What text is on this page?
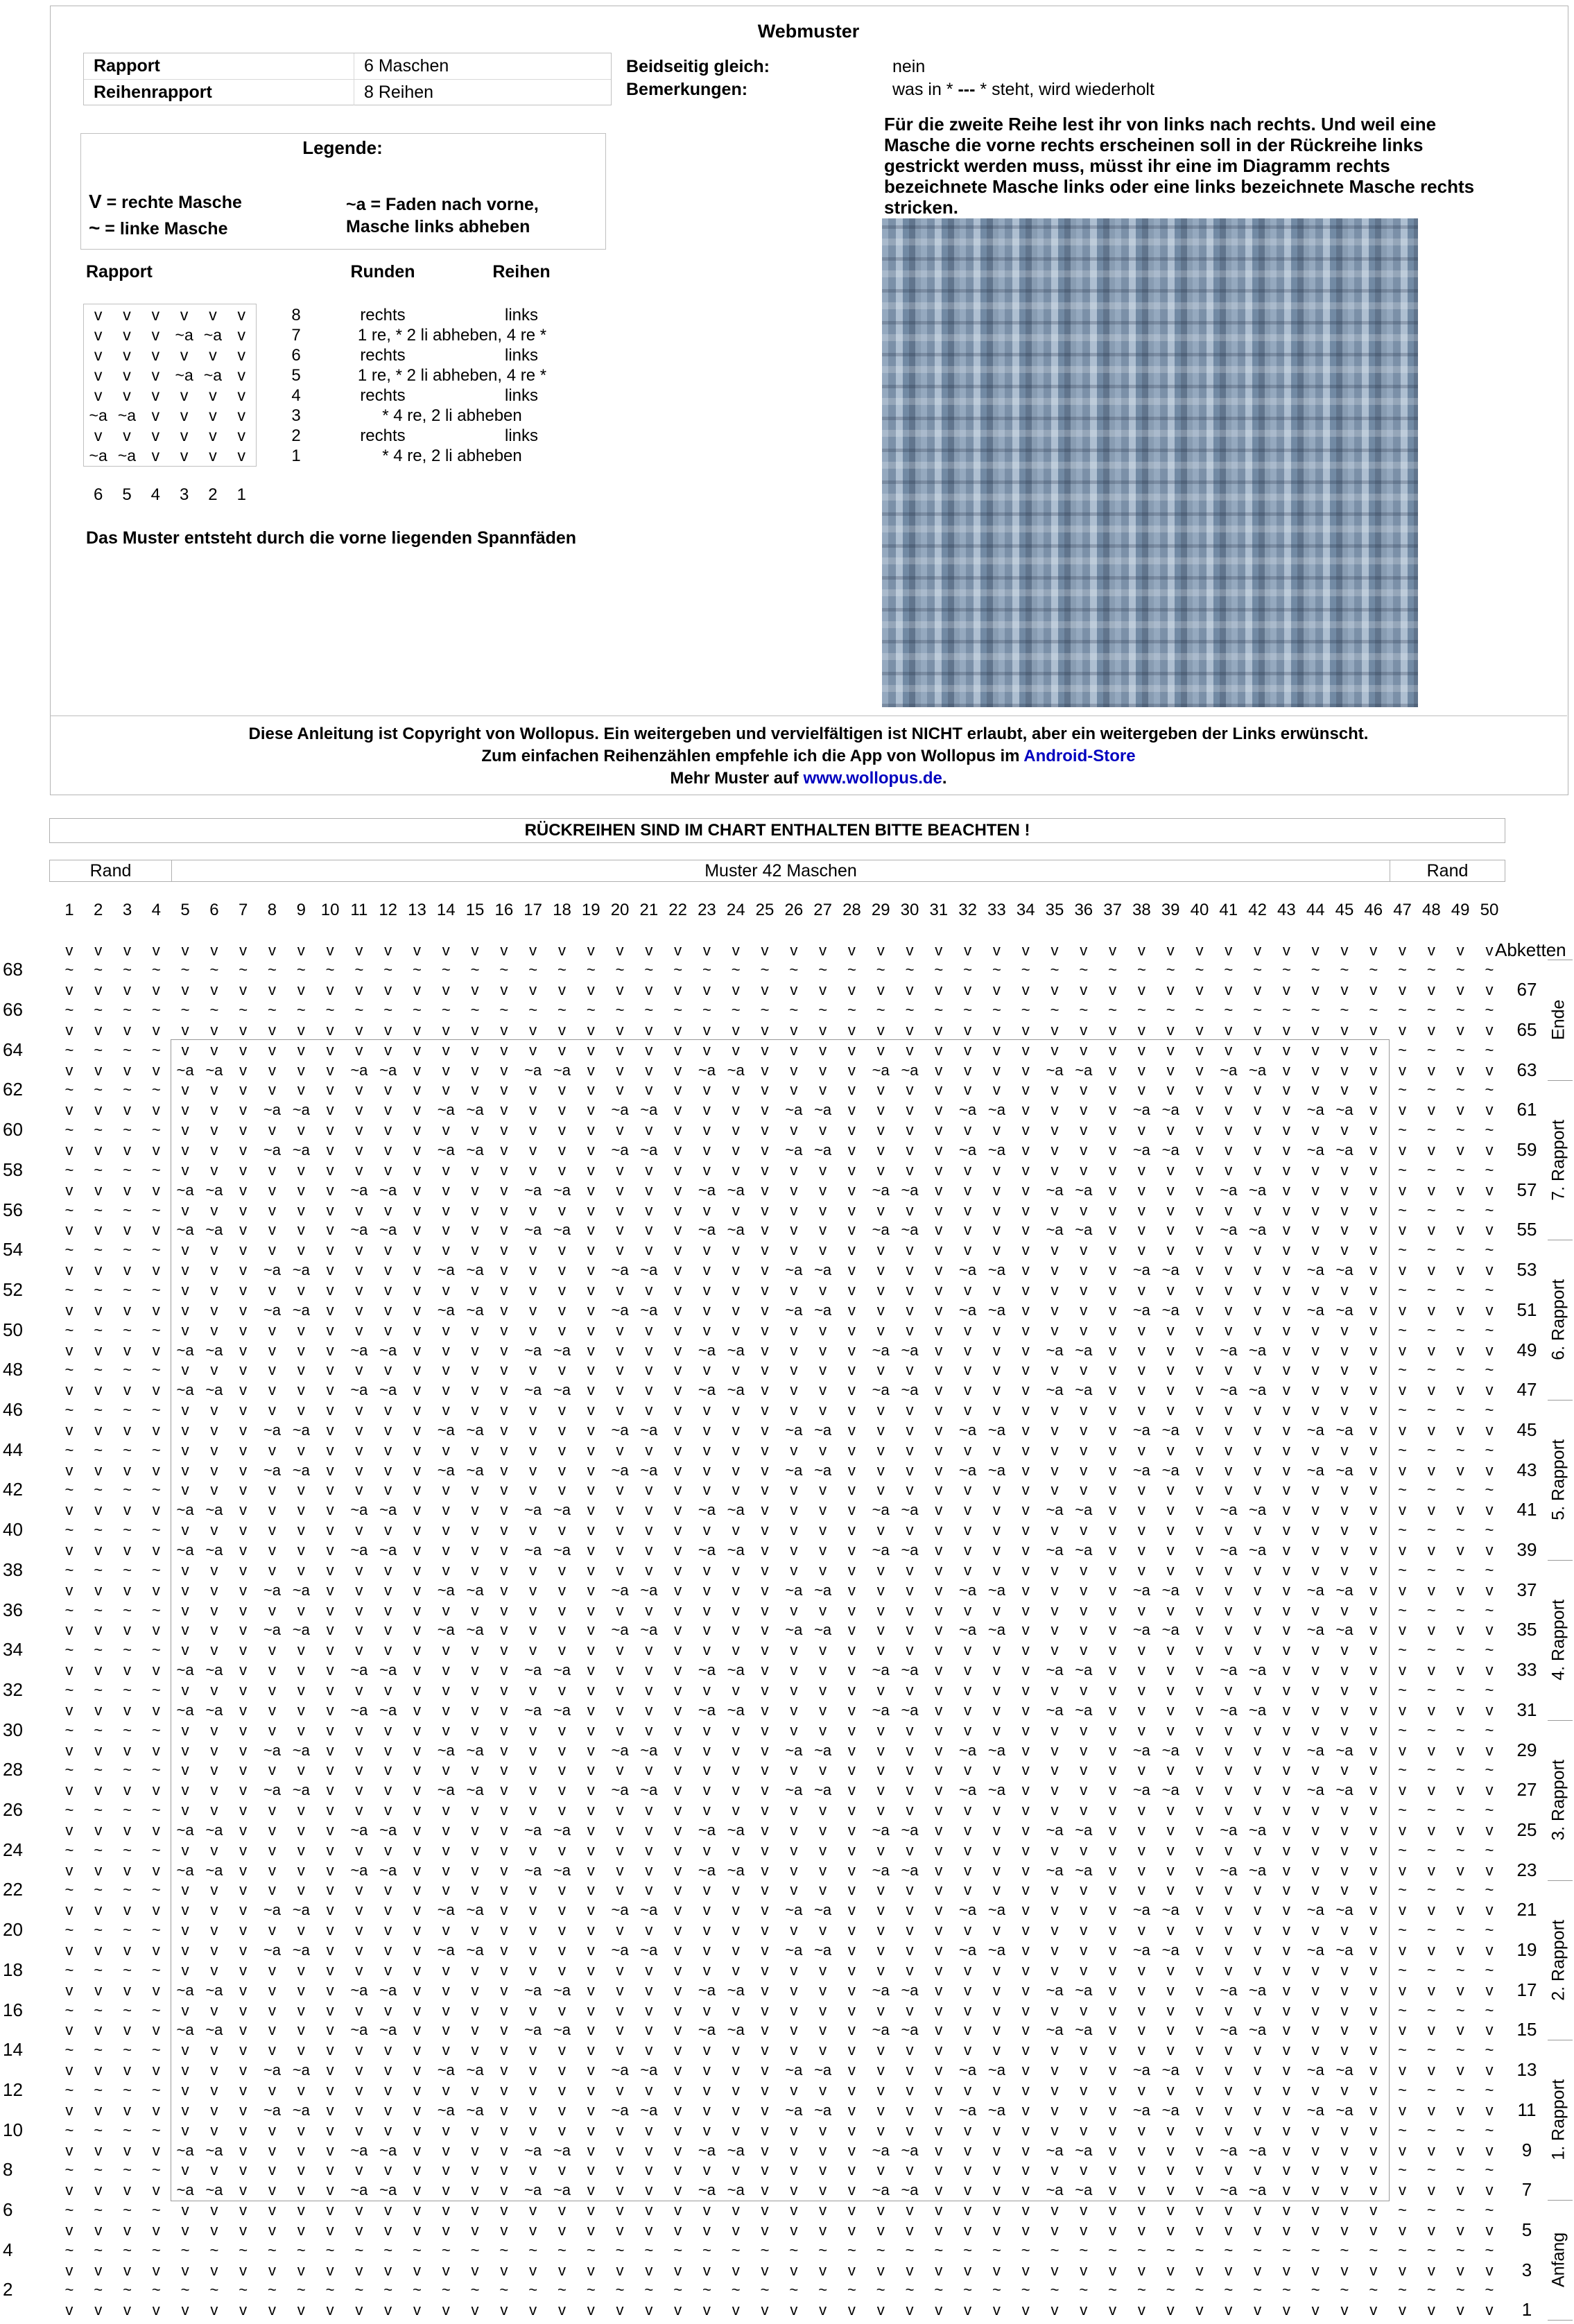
Webmuster
Rapport	6 Maschen
Reihenrapport	8 Reihen
Beidseitig gleich:	nein
Bemerkungen:	was in * --- * steht, wird wiederholt
Legende:
V = rechte Masche
~ = linke Masche
~a = Faden nach vorne,
Masche links abheben
Für die zweite Reihe lest ihr von links nach rechts. Und weil eine Masche die vorne rechts erscheinen soll in der Rückreihe links gestrickt werden muss, müsst ihr eine im Diagramm rechts bezeichnete Masche links oder eine links bezeichnete Masche rechts stricken.
Rapport	Runden	Reihen
v	v	v	v	v	v	8	rechts	links
v	v	v ~a ~a v	7	1 re, * 2 li abheben, 4 re *
v	v	v	v	v	v	6	rechts	links
v	v	v ~a ~a v	5	1 re, * 2 li abheben, 4 re *
v	v	v	v	v	v	4	rechts	links
~a ~a v	v	v	v	3	* 4 re, 2 li abheben
v	v	v	v	v	v	2	rechts	links
~a ~a v	v	v	v	1	* 4 re, 2 li abheben
6	5	4	3	2	1
Das Muster entsteht durch die vorne liegenden Spannfäden
Diese Anleitung ist Copyright von Wollopus. Ein weitergeben und vervielfältigen ist NICHT erlaubt, aber ein weitergeben der Links erwünscht.
Zum einfachen Reihenzählen empfehle ich die App von Wollopus im Android-Store
Mehr Muster auf www.wollopus.de.
RÜCKREIHEN SIND IM CHART ENTHALTEN BITTE BEACHTEN !
Rand	Muster 42 Maschen	Rand
1	2	3	4	5	6	7	8	9 10 11 12 13 14 15 16 17 18 19 20 21 22 23 24 25 26 27 28 29 30 31 32 33 34 35 36 37 38 39 40 41 42 43 44 45 46 47 48 49 50
v	v	v	v	v	v	v	v	v	v	v	v	v	v	v	v	v	v	v	v	v	v	v	v	v	v	v	v	v	v	v	v	v	v	v	v	v	v	v	v	v	v	v	v	v	v	v	v	v	v Abketten
~	~	~	~	~	~	~	~	~	~	~	~	~	~	~	~	~	~	~	~	~	~	~	~	~	~	~	~	~	~	~	~	~	~	~	~	~	~	~	~	~	~	~	~	~	~	~	~	~	~
68
v	v	v	v	v	v	v	v	v	v	v	v	v	v	v	v	v	v	v	v	v	v	v	v	v	v	v	v	v	v	v	v	v	v	v	v	v	v	v	v	v	v	v	v	v	v	v	v	v	v	67
~	~	~	~	~	~	~	~	~	~	~	~	~	~	~	~	~	~	~	~	~	~	~	~	~	~	~	~	~	~	~	~	~	~	~	~	~	~	~	~	~	~	~	~	~	~	~	~	~	~
66
v	v	v	v	v	v	v	v	v	v	v	v	v	v	v	v	v	v	v	v	v	v	v	v	v	v	v	v	v	v	v	v	v	v	v	v	v	v	v	v	v	v	v	v	v	v	v	v	v	v	65
~	~	~	~	v	v	v	v	v	v	v	v	v	v	v	v	v	v	v	v	v	v	v	v	v	v	v	v	v	v	v	v	v	v	v	v	v	v	v	v	v	v	v	v	v	v	~	~	~	~
64
v	v	v	v	~a ~a	v	v	v	v	~a ~a	v	v	v	v	~a ~a	v	v	v	v	~a ~a	v	v	v	v	~a ~a	v	v	v	v	~a ~a	v	v	v	v	~a ~a	v	v	v	v	v	v	v	v	63
~	~	~	~	v	v	v	v	v	v	v	v	v	v	v	v	v	v	v	v	v	v	v	v	v	v	v	v	v	v	v	v	v	v	v	v	v	v	v	v	v	v	v	v	v	v	~	~	~	~
62
v	v	v	v	v	v	v	~a ~a	v	v	v	v	~a ~a	v	v	v	v	~a ~a	v	v	v	v	~a ~a	v	v	v	v	~a ~a	v	v	v	v	~a ~a	v	v	v	v	~a ~a	v	v	v	v	v	61
~	~	~	~	v	v	v	v	v	v	v	v	v	v	v	v	v	v	v	v	v	v	v	v	v	v	v	v	v	v	v	v	v	v	v	v	v	v	v	v	v	v	v	v	v	v	~	~	~	~
60
v	v	v	v	v	v	v	~a ~a	v	v	v	v	~a ~a	v	v	v	v	~a ~a	v	v	v	v	~a ~a	v	v	v	v	~a ~a	v	v	v	v	~a ~a	v	v	v	v	~a ~a	v	v	v	v	v	59
~	~	~	~	v	v	v	v	v	v	v	v	v	v	v	v	v	v	v	v	v	v	v	v	v	v	v	v	v	v	v	v	v	v	v	v	v	v	v	v	v	v	v	v	v	v	~	~	~	~
58
v	v	v	v	~a ~a	v	v	v	v	~a ~a	v	v	v	v	~a ~a	v	v	v	v	~a ~a	v	v	v	v	~a ~a	v	v	v	v	~a ~a	v	v	v	v	~a ~a	v	v	v	v	v	v	v	v	57
~	~	~	~	v	v	v	v	v	v	v	v	v	v	v	v	v	v	v	v	v	v	v	v	v	v	v	v	v	v	v	v	v	v	v	v	v	v	v	v	v	v	v	v	v	v	~	~	~	~
56
v	v	v	v	~a ~a	v	v	v	v	~a ~a	v	v	v	v	~a ~a	v	v	v	v	~a ~a	v	v	v	v	~a ~a	v	v	v	v	~a ~a	v	v	v	v	~a ~a	v	v	v	v	v	v	v	v	55
~	~	~	~	v	v	v	v	v	v	v	v	v	v	v	v	v	v	v	v	v	v	v	v	v	v	v	v	v	v	v	v	v	v	v	v	v	v	v	v	v	v	v	v	v	v	~	~	~	~
54
v	v	v	v	v	v	v	~a ~a	v	v	v	v	~a ~a	v	v	v	v	~a ~a	v	v	v	v	~a ~a	v	v	v	v	~a ~a	v	v	v	v	~a ~a	v	v	v	v	~a ~a	v	v	v	v	v	53
~	~	~	~	v	v	v	v	v	v	v	v	v	v	v	v	v	v	v	v	v	v	v	v	v	v	v	v	v	v	v	v	v	v	v	v	v	v	v	v	v	v	v	v	v	v	~	~	~	~
52
v	v	v	v	v	v	v	~a ~a	v	v	v	v	~a ~a	v	v	v	v	~a ~a	v	v	v	v	~a ~a	v	v	v	v	~a ~a	v	v	v	v	~a ~a	v	v	v	v	~a ~a	v	v	v	v	v	51
~	~	~	~	v	v	v	v	v	v	v	v	v	v	v	v	v	v	v	v	v	v	v	v	v	v	v	v	v	v	v	v	v	v	v	v	v	v	v	v	v	v	v	v	v	v	~	~	~	~
50
v	v	v	v	~a ~a	v	v	v	v	~a ~a	v	v	v	v	~a ~a	v	v	v	v	~a ~a	v	v	v	v	~a ~a	v	v	v	v	~a ~a	v	v	v	v	~a ~a	v	v	v	v	v	v	v	v	49
~	~	~	~	v	v	v	v	v	v	v	v	v	v	v	v	v	v	v	v	v	v	v	v	v	v	v	v	v	v	v	v	v	v	v	v	v	v	v	v	v	v	v	v	v	v	~	~	~	~
48
v	v	v	v	~a ~a	v	v	v	v	~a ~a	v	v	v	v	~a ~a	v	v	v	v	~a ~a	v	v	v	v	~a ~a	v	v	v	v	~a ~a	v	v	v	v	~a ~a	v	v	v	v	v	v	v	v	47
~	~	~	~	v	v	v	v	v	v	v	v	v	v	v	v	v	v	v	v	v	v	v	v	v	v	v	v	v	v	v	v	v	v	v	v	v	v	v	v	v	v	v	v	v	v	~	~	~	~
46
v	v	v	v	v	v	v	~a ~a	v	v	v	v	~a ~a	v	v	v	v	~a ~a	v	v	v	v	~a ~a	v	v	v	v	~a ~a	v	v	v	v	~a ~a	v	v	v	v	~a ~a	v	v	v	v	v	45
~	~	~	~	v	v	v	v	v	v	v	v	v	v	v	v	v	v	v	v	v	v	v	v	v	v	v	v	v	v	v	v	v	v	v	v	v	v	v	v	v	v	v	v	v	v	~	~	~	~
44
v	v	v	v	v	v	v	~a ~a	v	v	v	v	~a ~a	v	v	v	v	~a ~a	v	v	v	v	~a ~a	v	v	v	v	~a ~a	v	v	v	v	~a ~a	v	v	v	v	~a ~a	v	v	v	v	v	43
~	~	~	~	v	v	v	v	v	v	v	v	v	v	v	v	v	v	v	v	v	v	v	v	v	v	v	v	v	v	v	v	v	v	v	v	v	v	v	v	v	v	v	v	v	v	~	~	~	~
42
v	v	v	v	~a ~a	v	v	v	v	~a ~a	v	v	v	v	~a ~a	v	v	v	v	~a ~a	v	v	v	v	~a ~a	v	v	v	v	~a ~a	v	v	v	v	~a ~a	v	v	v	v	v	v	v	v	41
~	~	~	~	v	v	v	v	v	v	v	v	v	v	v	v	v	v	v	v	v	v	v	v	v	v	v	v	v	v	v	v	v	v	v	v	v	v	v	v	v	v	v	v	v	v	~	~	~	~
40
v	v	v	v	~a ~a	v	v	v	v	~a ~a	v	v	v	v	~a ~a	v	v	v	v	~a ~a	v	v	v	v	~a ~a	v	v	v	v	~a ~a	v	v	v	v	~a ~a	v	v	v	v	v	v	v	v	39
~	~	~	~	v	v	v	v	v	v	v	v	v	v	v	v	v	v	v	v	v	v	v	v	v	v	v	v	v	v	v	v	v	v	v	v	v	v	v	v	v	v	v	v	v	v	~	~	~	~
38
v	v	v	v	v	v	v	~a ~a	v	v	v	v	~a ~a	v	v	v	v	~a ~a	v	v	v	v	~a ~a	v	v	v	v	~a ~a	v	v	v	v	~a ~a	v	v	v	v	~a ~a	v	v	v	v	v	37
~	~	~	~	v	v	v	v	v	v	v	v	v	v	v	v	v	v	v	v	v	v	v	v	v	v	v	v	v	v	v	v	v	v	v	v	v	v	v	v	v	v	v	v	v	v	~	~	~	~
36
v	v	v	v	v	v	v	~a ~a	v	v	v	v	~a ~a	v	v	v	v	~a ~a	v	v	v	v	~a ~a	v	v	v	v	~a ~a	v	v	v	v	~a ~a	v	v	v	v	~a ~a	v	v	v	v	v	35
~	~	~	~	v	v	v	v	v	v	v	v	v	v	v	v	v	v	v	v	v	v	v	v	v	v	v	v	v	v	v	v	v	v	v	v	v	v	v	v	v	v	v	v	v	v	~	~	~	~
34
v	v	v	v	~a ~a	v	v	v	v	~a ~a	v	v	v	v	~a ~a	v	v	v	v	~a ~a	v	v	v	v	~a ~a	v	v	v	v	~a ~a	v	v	v	v	~a ~a	v	v	v	v	v	v	v	v	33
~	~	~	~	v	v	v	v	v	v	v	v	v	v	v	v	v	v	v	v	v	v	v	v	v	v	v	v	v	v	v	v	v	v	v	v	v	v	v	v	v	v	v	v	v	v	~	~	~	~
32
v	v	v	v	~a ~a	v	v	v	v	~a ~a	v	v	v	v	~a ~a	v	v	v	v	~a ~a	v	v	v	v	~a ~a	v	v	v	v	~a ~a	v	v	v	v	~a ~a	v	v	v	v	v	v	v	v	31
~	~	~	~	v	v	v	v	v	v	v	v	v	v	v	v	v	v	v	v	v	v	v	v	v	v	v	v	v	v	v	v	v	v	v	v	v	v	v	v	v	v	v	v	v	v	~	~	~	~
30
v	v	v	v	v	v	v	~a ~a	v	v	v	v	~a ~a	v	v	v	v	~a ~a	v	v	v	v	~a ~a	v	v	v	v	~a ~a	v	v	v	v	~a ~a	v	v	v	v	~a ~a	v	v	v	v	v	29
~	~	~	~	v	v	v	v	v	v	v	v	v	v	v	v	v	v	v	v	v	v	v	v	v	v	v	v	v	v	v	v	v	v	v	v	v	v	v	v	v	v	v	v	v	v	~	~	~	~
28
v	v	v	v	v	v	v	~a ~a	v	v	v	v	~a ~a	v	v	v	v	~a ~a	v	v	v	v	~a ~a	v	v	v	v	~a ~a	v	v	v	v	~a ~a	v	v	v	v	~a ~a	v	v	v	v	v	27
~	~	~	~	v	v	v	v	v	v	v	v	v	v	v	v	v	v	v	v	v	v	v	v	v	v	v	v	v	v	v	v	v	v	v	v	v	v	v	v	v	v	v	v	v	v	~	~	~	~
26
v	v	v	v	~a ~a	v	v	v	v	~a ~a	v	v	v	v	~a ~a	v	v	v	v	~a ~a	v	v	v	v	~a ~a	v	v	v	v	~a ~a	v	v	v	v	~a ~a	v	v	v	v	v	v	v	v	25
~	~	~	~	v	v	v	v	v	v	v	v	v	v	v	v	v	v	v	v	v	v	v	v	v	v	v	v	v	v	v	v	v	v	v	v	v	v	v	v	v	v	v	v	v	v	~	~	~	~
24
v	v	v	v	~a ~a	v	v	v	v	~a ~a	v	v	v	v	~a ~a	v	v	v	v	~a ~a	v	v	v	v	~a ~a	v	v	v	v	~a ~a	v	v	v	v	~a ~a	v	v	v	v	v	v	v	v	23
~	~	~	~	v	v	v	v	v	v	v	v	v	v	v	v	v	v	v	v	v	v	v	v	v	v	v	v	v	v	v	v	v	v	v	v	v	v	v	v	v	v	v	v	v	v	~	~	~	~
22
v	v	v	v	v	v	v	~a ~a	v	v	v	v	~a ~a	v	v	v	v	~a ~a	v	v	v	v	~a ~a	v	v	v	v	~a ~a	v	v	v	v	~a ~a	v	v	v	v	~a ~a	v	v	v	v	v	21
~	~	~	~	v	v	v	v	v	v	v	v	v	v	v	v	v	v	v	v	v	v	v	v	v	v	v	v	v	v	v	v	v	v	v	v	v	v	v	v	v	v	v	v	v	v	~	~	~	~
20
v	v	v	v	v	v	v	~a ~a	v	v	v	v	~a ~a	v	v	v	v	~a ~a	v	v	v	v	~a ~a	v	v	v	v	~a ~a	v	v	v	v	~a ~a	v	v	v	v	~a ~a	v	v	v	v	v	19
~	~	~	~	v	v	v	v	v	v	v	v	v	v	v	v	v	v	v	v	v	v	v	v	v	v	v	v	v	v	v	v	v	v	v	v	v	v	v	v	v	v	v	v	v	v	~	~	~	~
18
v	v	v	v	~a ~a	v	v	v	v	~a ~a	v	v	v	v	~a ~a	v	v	v	v	~a ~a	v	v	v	v	~a ~a	v	v	v	v	~a ~a	v	v	v	v	~a ~a	v	v	v	v	v	v	v	v	17
~	~	~	~	v	v	v	v	v	v	v	v	v	v	v	v	v	v	v	v	v	v	v	v	v	v	v	v	v	v	v	v	v	v	v	v	v	v	v	v	v	v	v	v	v	v	~	~	~	~
16
v	v	v	v	~a ~a	v	v	v	v	~a ~a	v	v	v	v	~a ~a	v	v	v	v	~a ~a	v	v	v	v	~a ~a	v	v	v	v	~a ~a	v	v	v	v	~a ~a	v	v	v	v	v	v	v	v	15
~	~	~	~	v	v	v	v	v	v	v	v	v	v	v	v	v	v	v	v	v	v	v	v	v	v	v	v	v	v	v	v	v	v	v	v	v	v	v	v	v	v	v	v	v	v	~	~	~	~
14
v	v	v	v	v	v	v	~a ~a	v	v	v	v	~a ~a	v	v	v	v	~a ~a	v	v	v	v	~a ~a	v	v	v	v	~a ~a	v	v	v	v	~a ~a	v	v	v	v	~a ~a	v	v	v	v	v	13
~	~	~	~	v	v	v	v	v	v	v	v	v	v	v	v	v	v	v	v	v	v	v	v	v	v	v	v	v	v	v	v	v	v	v	v	v	v	v	v	v	v	v	v	v	v	~	~	~	~
12
v	v	v	v	v	v	v	~a ~a	v	v	v	v	~a ~a	v	v	v	v	~a ~a	v	v	v	v	~a ~a	v	v	v	v	~a ~a	v	v	v	v	~a ~a	v	v	v	v	~a ~a	v	v	v	v	v	11
~	~	~	~	v	v	v	v	v	v	v	v	v	v	v	v	v	v	v	v	v	v	v	v	v	v	v	v	v	v	v	v	v	v	v	v	v	v	v	v	v	v	v	v	v	v	~	~	~	~
10
v	v	v	v	~a ~a	v	v	v	v	~a ~a	v	v	v	v	~a ~a	v	v	v	v	~a ~a	v	v	v	v	~a ~a	v	v	v	v	~a ~a	v	v	v	v	~a ~a	v	v	v	v	v	v	v	v	9
~	~	~	~	v	v	v	v	v	v	v	v	v	v	v	v	v	v	v	v	v	v	v	v	v	v	v	v	v	v	v	v	v	v	v	v	v	v	v	v	v	v	v	v	v	v	~	~	~	~
8
v	v	v	v	~a ~a	v	v	v	v	~a ~a	v	v	v	v	~a ~a	v	v	v	v	~a ~a	v	v	v	v	~a ~a	v	v	v	v	~a ~a	v	v	v	v	~a ~a	v	v	v	v	v	v	v	v	7
~	~	~	~	v	v	v	v	v	v	v	v	v	v	v	v	v	v	v	v	v	v	v	v	v	v	v	v	v	v	v	v	v	v	v	v	v	v	v	v	v	v	v	v	v	v	~	~	~	~
6
v	v	v	v	v	v	v	v	v	v	v	v	v	v	v	v	v	v	v	v	v	v	v	v	v	v	v	v	v	v	v	v	v	v	v	v	v	v	v	v	v	v	v	v	v	v	v	v	v	v	5
~	~	~	~	~	~	~	~	~	~	~	~	~	~	~	~	~	~	~	~	~	~	~	~	~	~	~	~	~	~	~	~	~	~	~	~	~	~	~	~	~	~	~	~	~	~	~	~	~	~
4
v	v	v	v	v	v	v	v	v	v	v	v	v	v	v	v	v	v	v	v	v	v	v	v	v	v	v	v	v	v	v	v	v	v	v	v	v	v	v	v	v	v	v	v	v	v	v	v	v	v	3
~	~	~	~	~	~	~	~	~	~	~	~	~	~	~	~	~	~	~	~	~	~	~	~	~	~	~	~	~	~	~	~	~	~	~	~	~	~	~	~	~	~	~	~	~	~	~	~	~	~
2
v	v	v	v	v	v	v	v	v	v	v	v	v	v	v	v	v	v	v	v	v	v	v	v	v	v	v	v	v	v	v	v	v	v	v	v	v	v	v	v	v	v	v	v	v	v	v	v	v	v	1
Ende
7. Rapport
6. Rapport
5. Rapport
4. Rapport
3. Rapport
2. Rapport
1. Rapport
Anfang
